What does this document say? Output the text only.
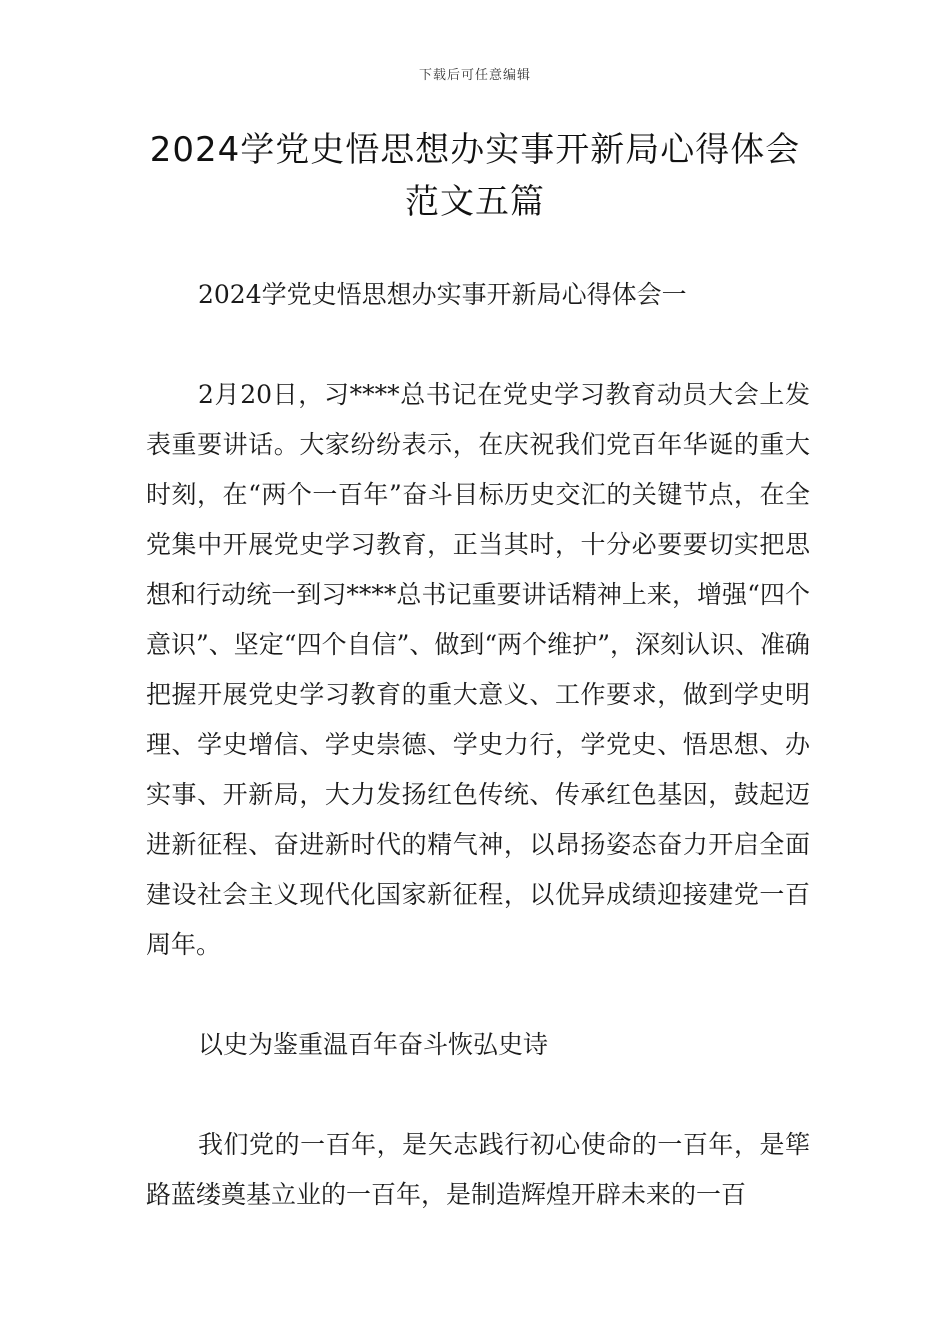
下载后可任意编辑
2024学党史悟思想办实事开新局心得体会
范文五篇

2024学党史悟思想办实事开新局心得体会一

2月20日，习****总书记在党史学习教育动员大会上发表重要讲话。大家纷纷表示，在庆祝我们党百年华诞的重大时刻，在“两个一百年”奋斗目标历史交汇的关键节点，在全党集中开展党史学习教育，正当其时，十分必要要切实把思想和行动统一到习****总书记重要讲话精神上来，增强“四个意识”、坚定“四个自信”、做到“两个维护”，深刻认识、准确把握开展党史学习教育的重大意义、工作要求，做到学史明理、学史增信、学史崇德、学史力行，学党史、悟思想、办实事、开新局，大力发扬红色传统、传承红色基因，鼓起迈进新征程、奋进新时代的精气神，以昂扬姿态奋力开启全面建设社会主义现代化国家新征程，以优异成绩迎接建党一百周年。

以史为鉴重温百年奋斗恢弘史诗

我们党的一百年，是矢志践行初心使命的一百年，是筚路蓝缕奠基立业的一百年，是制造辉煌开辟未来的一百
